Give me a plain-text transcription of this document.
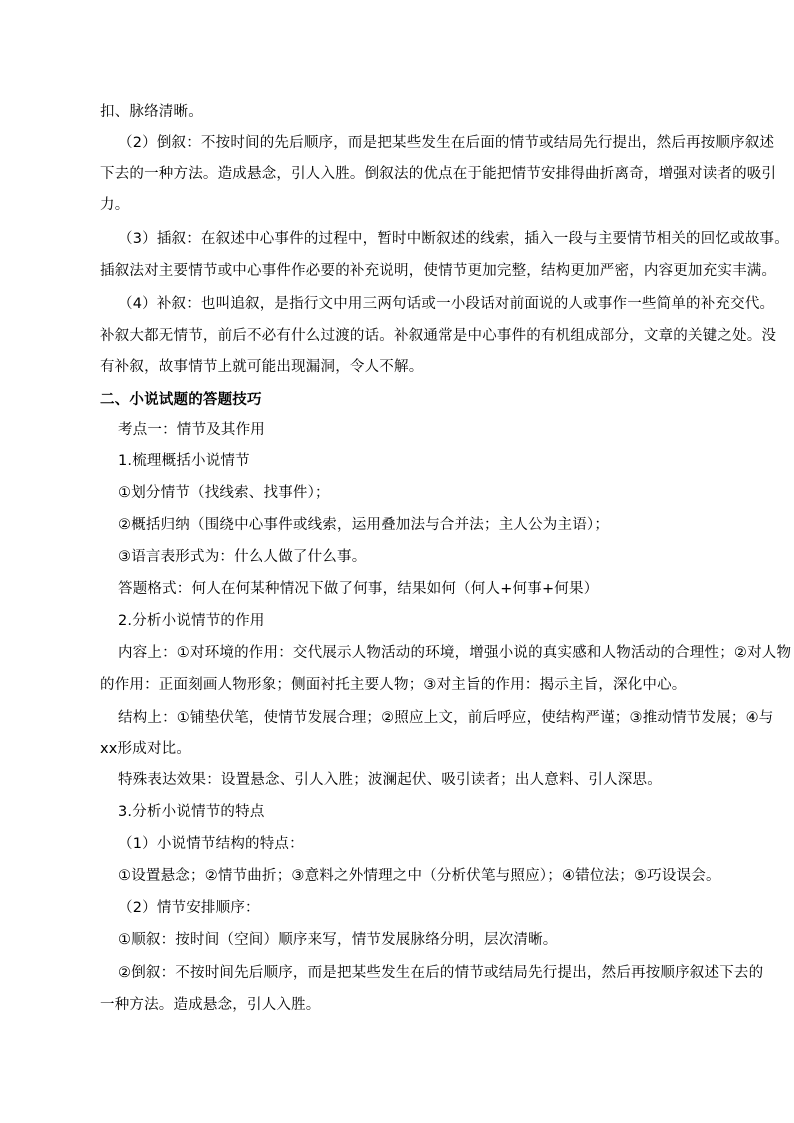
扣、脉络清晰。
（2）倒叙：不按时间的先后顺序，而是把某些发生在后面的情节或结局先行提出，然后再按顺序叙述
下去的一种方法。造成悬念，引人入胜。倒叙法的优点在于能把情节安排得曲折离奇，增强对读者的吸引
力。
（3）插叙：在叙述中心事件的过程中，暂时中断叙述的线索，插入一段与主要情节相关的回忆或故事。
插叙法对主要情节或中心事件作必要的补充说明，使情节更加完整，结构更加严密，内容更加充实丰满。
（4）补叙：也叫追叙，是指行文中用三两句话或一小段话对前面说的人或事作一些简单的补充交代。
补叙大都无情节，前后不必有什么过渡的话。补叙通常是中心事件的有机组成部分，文章的关键之处。没
有补叙，故事情节上就可能出现漏洞，令人不解。
二、小说试题的答题技巧
考点一：情节及其作用
1.梳理概括小说情节
①划分情节（找线索、找事件）；
②概括归纳（围绕中心事件或线索，运用叠加法与合并法；主人公为主语）；
③语言表形式为：什么人做了什么事。
答题格式：何人在何某种情况下做了何事，结果如何（何人+何事+何果）
2.分析小说情节的作用
内容上：①对环境的作用：交代展示人物活动的环境，增强小说的真实感和人物活动的合理性；②对人物
的作用：正面刻画人物形象；侧面衬托主要人物；③对主旨的作用：揭示主旨，深化中心。
结构上：①铺垫伏笔，使情节发展合理；②照应上文，前后呼应，使结构严谨；③推动情节发展；④与
xx形成对比。
特殊表达效果：设置悬念、引人入胜；波澜起伏、吸引读者；出人意料、引人深思。
3.分析小说情节的特点
（1）小说情节结构的特点：
①设置悬念；②情节曲折；③意料之外情理之中（分析伏笔与照应）；④错位法；⑤巧设误会。
（2）情节安排顺序：
①顺叙：按时间（空间）顺序来写，情节发展脉络分明，层次清晰。
②倒叙：不按时间先后顺序，而是把某些发生在后的情节或结局先行提出，然后再按顺序叙述下去的
一种方法。造成悬念，引人入胜。
